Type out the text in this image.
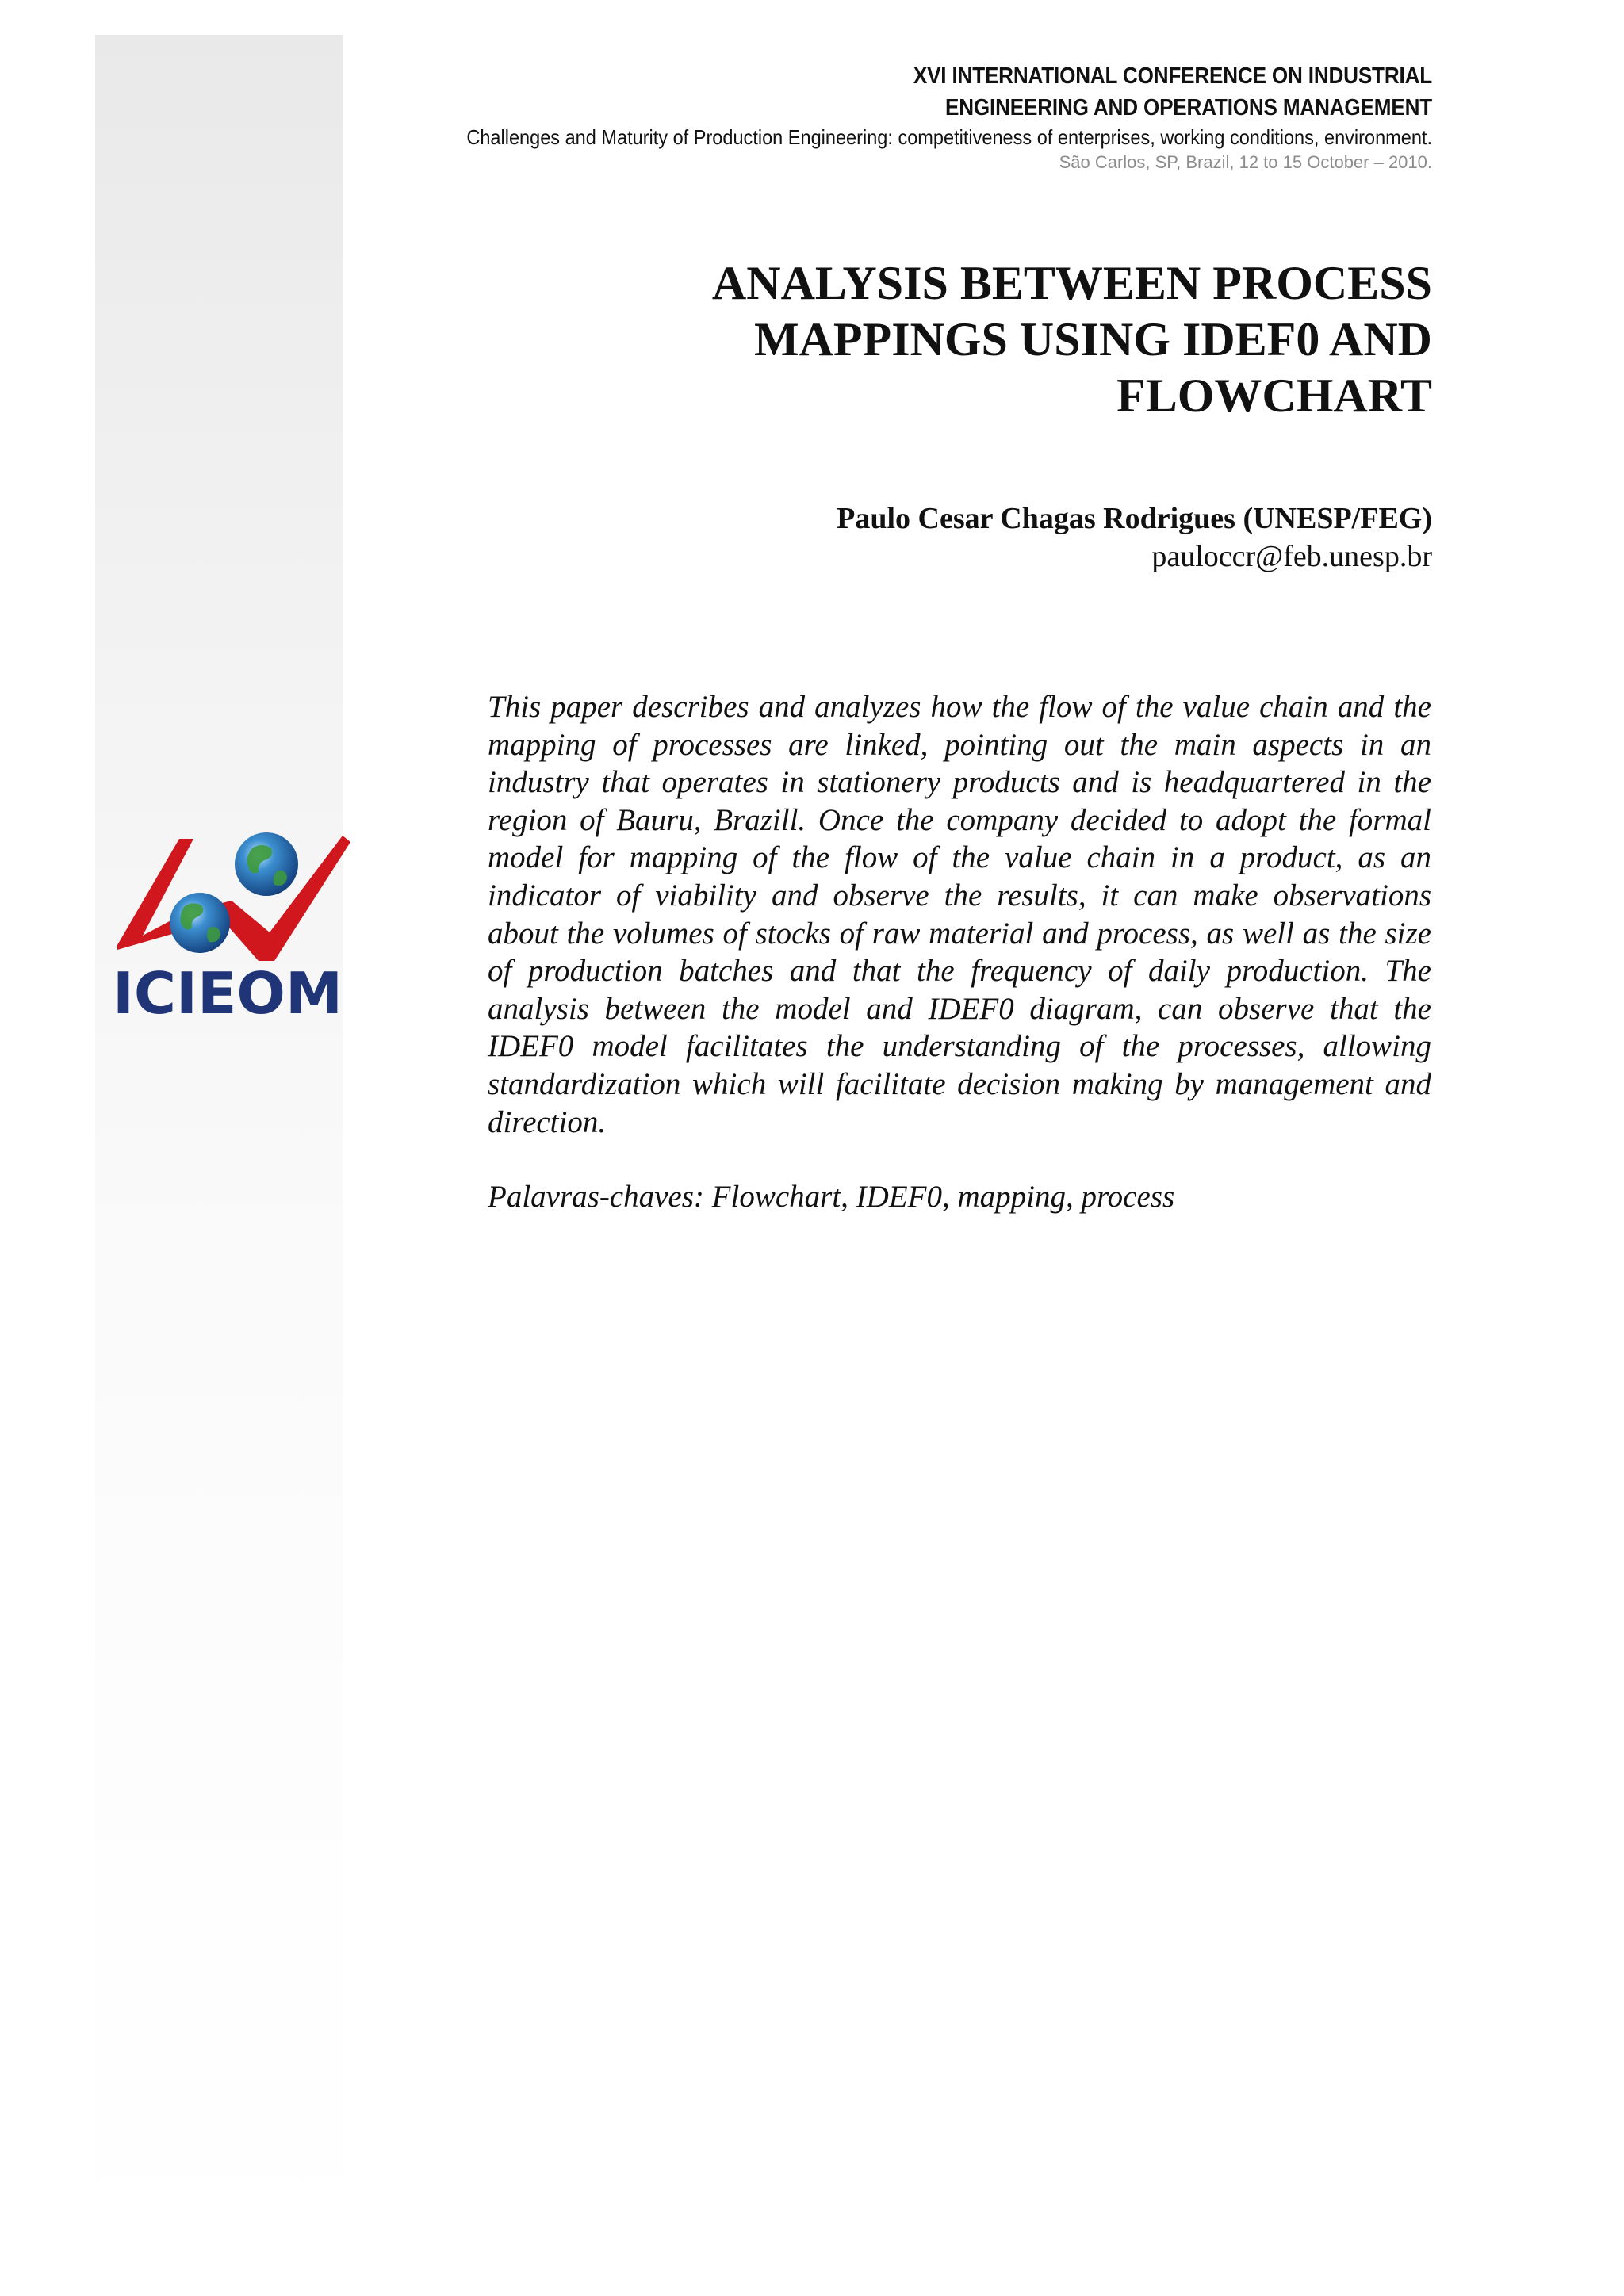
ICIEOM
XVI INTERNATIONAL CONFERENCE ON INDUSTRIAL
ENGINEERING AND OPERATIONS MANAGEMENT
Challenges and Maturity of Production Engineering: competitiveness of enterprises, working conditions, environment.
São Carlos, SP, Brazil, 12 to 15 October – 2010.
ANALYSIS BETWEEN PROCESS
MAPPINGS USING IDEF0 AND
FLOWCHART
Paulo Cesar Chagas Rodrigues (UNESP/FEG)
pauloccr@feb.unesp.br

This paper describes and analyzes how the flow of the value chain and the mapping of processes are linked, pointing out the main aspects in an industry that operates in stationery products and is headquartered in the region of Bauru, Brazill. Once the company decided to adopt the formal model for mapping of the flow of the value chain in a product, as an indicator of viability and observe the results, it can make observations about the volumes of stocks of raw material and process, as well as the size of production batches and that the frequency of daily production. The analysis between the model and IDEF0 diagram, can observe that the IDEF0 model facilitates the understanding of the processes, allowing standardization which will facilitate decision making by management and direction.

Palavras-chaves: Flowchart, IDEF0, mapping, process
